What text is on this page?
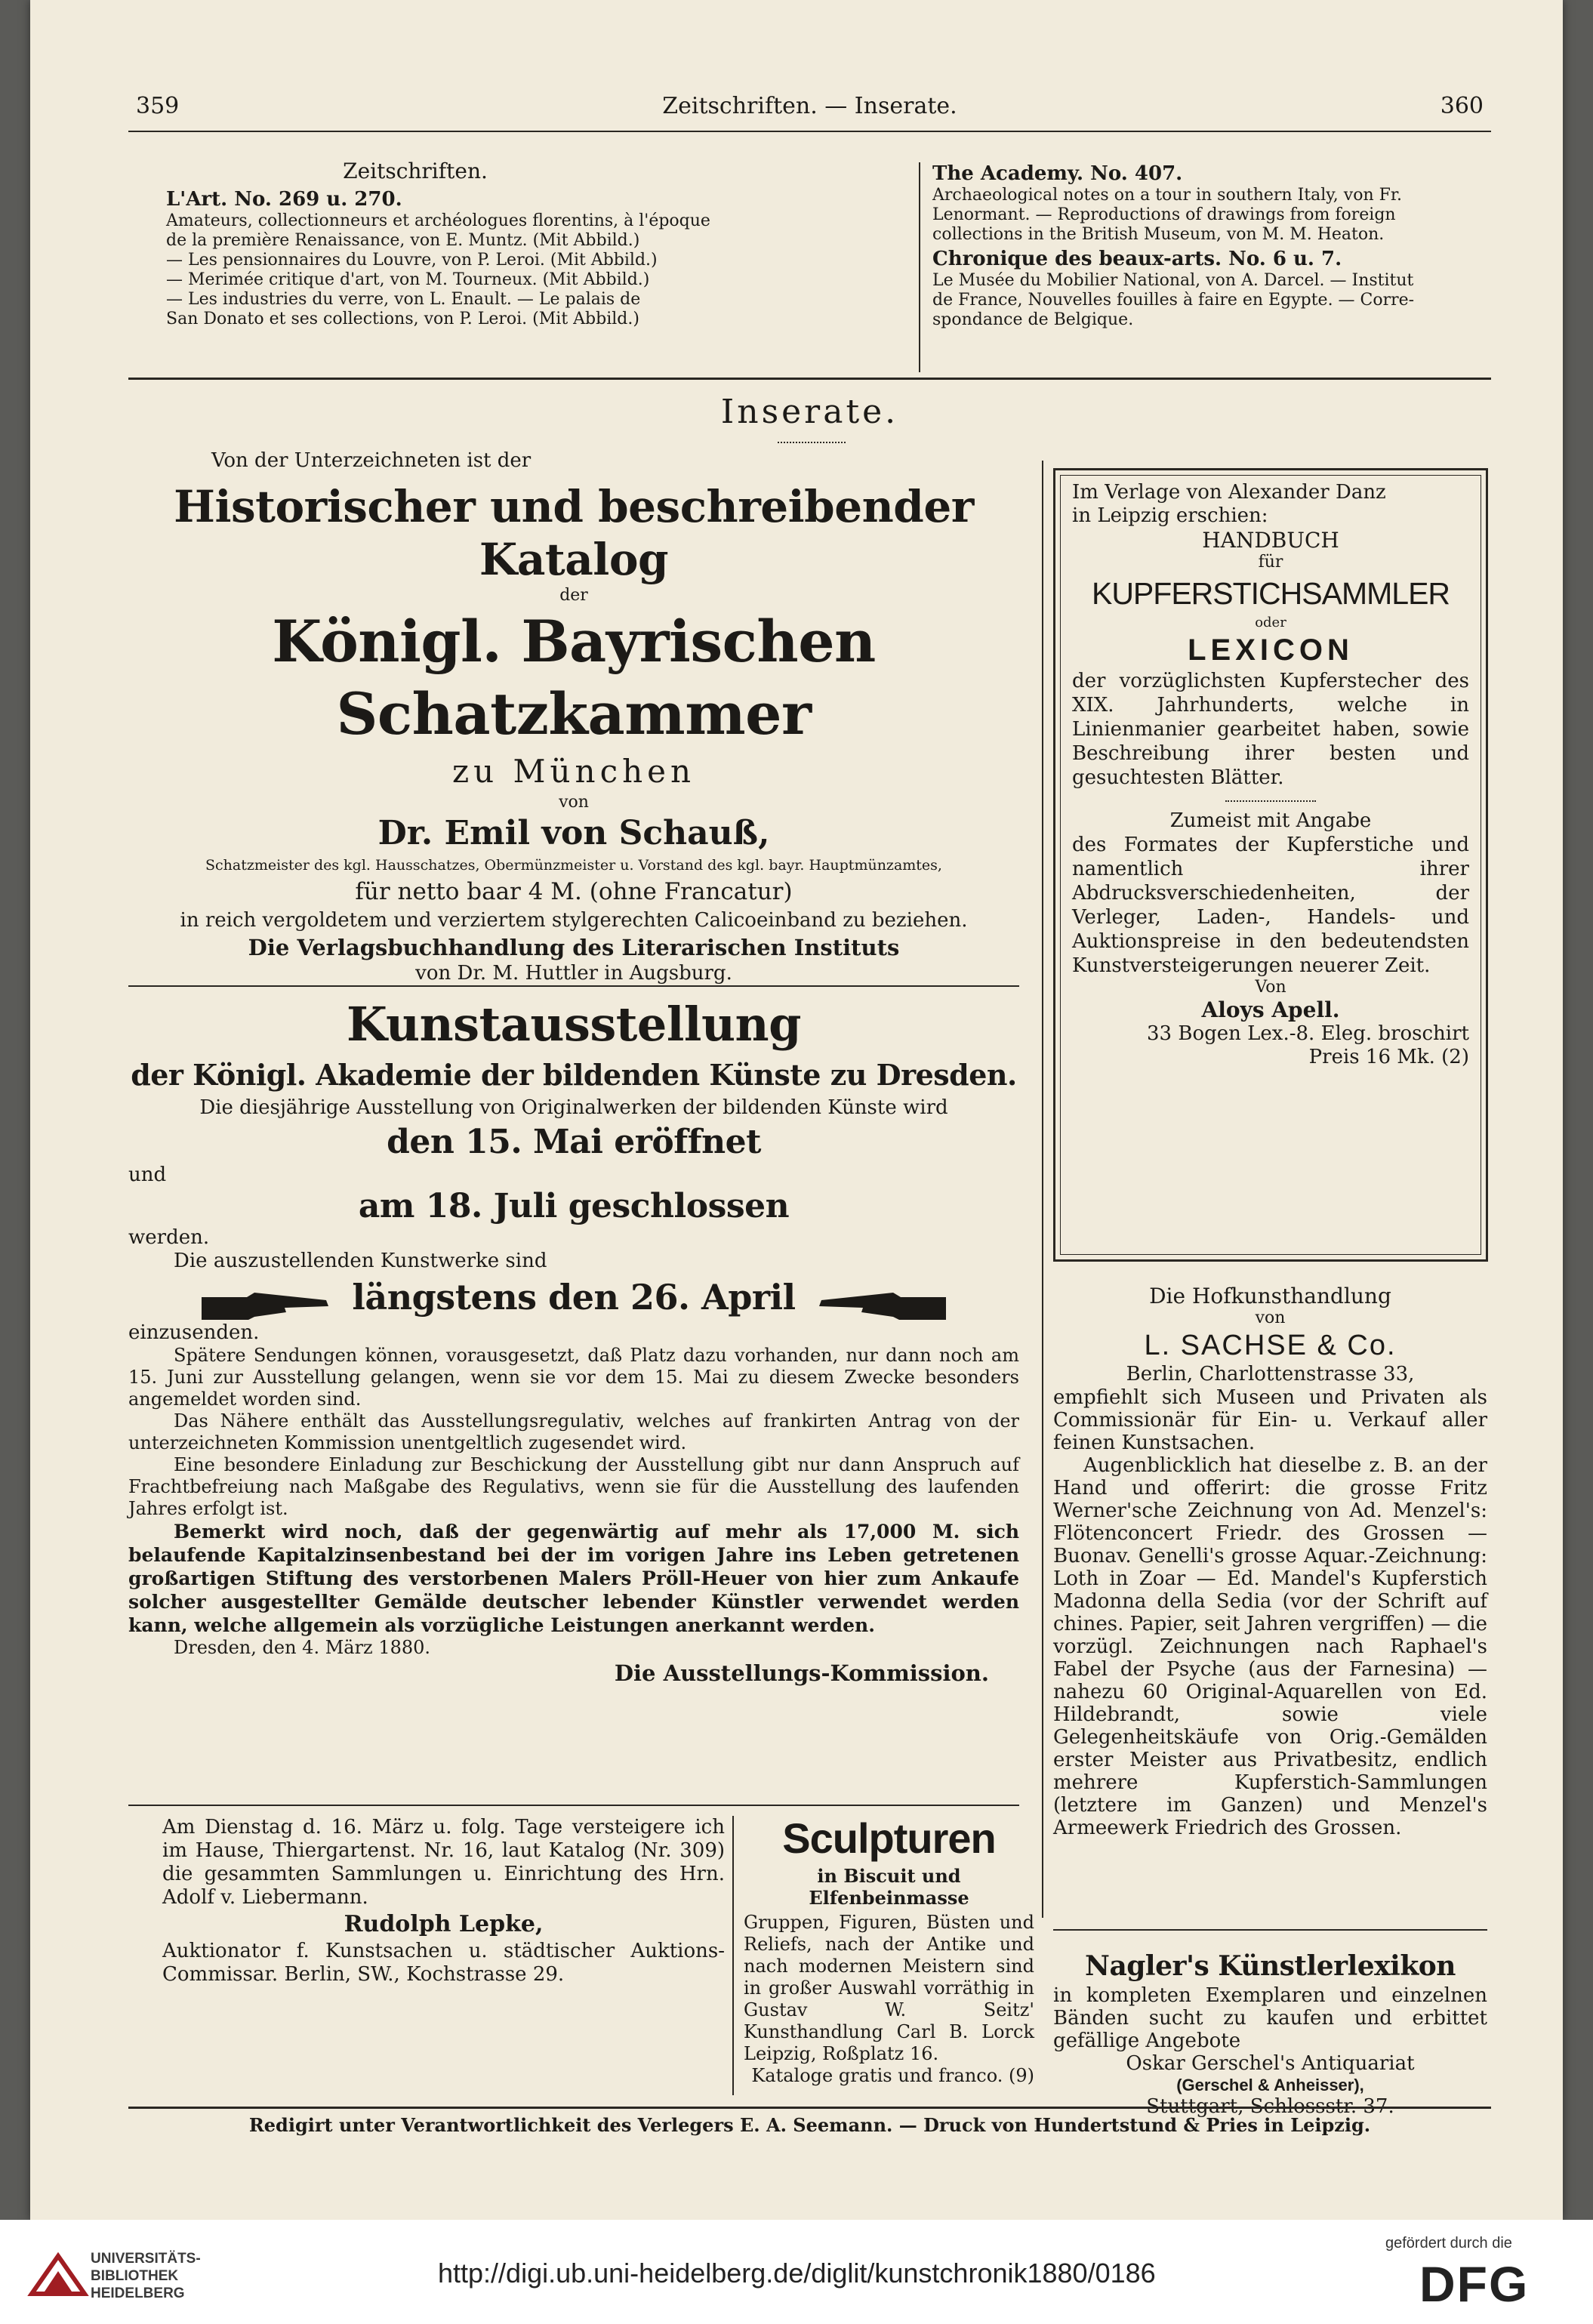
359	Zeitschriften. — Inserate.	360
Zeitschriften.
L'Art. No. 269 u. 270.
Amateurs, collectionneurs et archéologues florentins, à l'époque
de la première Renaissance, von E. Muntz. (Mit Abbild.)
— Les pensionnaires du Louvre, von P. Leroi. (Mit Abbild.)
— Merimée critique d'art, von M. Tourneux. (Mit Abbild.)
— Les industries du verre, von L. Enault. — Le palais de
San Donato et ses collections, von P. Leroi. (Mit Abbild.)
The Academy. No. 407.
Archaeological notes on a tour in southern Italy, von Fr.
Lenormant. — Reproductions of drawings from foreign
collections in the British Museum, von M. M. Heaton.
Chronique des beaux-arts. No. 6 u. 7.
Le Musée du Mobilier National, von A. Darcel. — Institut
de France, Nouvelles fouilles à faire en Egypte. — Corre-
spondance de Belgique.
Inserate.
Von der Unterzeichneten ist der
Historischer und beschreibender Katalog
der
Königl. Bayrischen Schatzkammer
zu München
von
Dr. Emil von Schauß,
Schatzmeister des kgl. Hausschatzes, Obermünzmeister u. Vorstand des kgl. bayr. Hauptmünzamtes,
für netto baar 4 M. (ohne Francatur)
in reich vergoldetem und verziertem stylgerechten Calicoeinband zu beziehen.
Die Verlagsbuchhandlung des Literarischen Instituts
von Dr. M. Huttler in Augsburg.
Kunstausstellung
der Königl. Akademie der bildenden Künste zu Dresden.
Die diesjährige Ausstellung von Originalwerken der bildenden Künste wird
den 15. Mai eröffnet
und
am 18. Juli geschlossen
werden.
Die auszustellenden Kunstwerke sind
längstens den 26. April
einzusenden.
Spätere Sendungen können, vorausgesetzt, daß Platz dazu vorhanden, nur dann noch am 15. Juni zur Ausstellung gelangen, wenn sie vor dem 15. Mai zu diesem Zwecke besonders angemeldet worden sind.
Das Nähere enthält das Ausstellungsregulativ, welches auf frankirten Antrag von der unterzeichneten Kommission unentgeltlich zugesendet wird.
Eine besondere Einladung zur Beschickung der Ausstellung gibt nur dann Anspruch auf Frachtbefreiung nach Maßgabe des Regulativs, wenn sie für die Ausstellung des laufenden Jahres erfolgt ist.
Bemerkt wird noch, daß der gegenwärtig auf mehr als 17,000 M. sich belaufende Kapitalzinsenbestand bei der im vorigen Jahre ins Leben getretenen großartigen Stiftung des verstorbenen Malers Pröll-Heuer von hier zum Ankaufe solcher ausgestellter Gemälde deutscher lebender Künstler verwendet werden kann, welche allgemein als vorzügliche Leistungen anerkannt werden.
Dresden, den 4. März 1880.
Die Ausstellungs-Kommission.
Im Verlage von Alexander Danz
in Leipzig erschien:
HANDBUCH
für
KUPFERSTICHSAMMLER
oder
LEXICON
der vorzüglichsten Kupferstecher des XIX. Jahrhunderts, welche in Linienmanier gearbeitet haben, sowie Beschreibung ihrer besten und gesuchtesten Blätter.
Zumeist mit Angabe
des Formates der Kupferstiche und namentlich ihrer Abdrucksverschiedenheiten, der Verleger, Laden-, Handels- und Auktionspreise in den bedeutendsten Kunstversteigerungen neuerer Zeit.
Von
Aloys Apell.
33 Bogen Lex.-8. Eleg. broschirt
Preis 16 Mk. (2)
Die Hofkunsthandlung
von
L. SACHSE & Co.
Berlin, Charlottenstrasse 33,
empfiehlt sich Museen und Privaten als Commissionär für Ein- u. Verkauf aller feinen Kunstsachen.
Augenblicklich hat dieselbe z. B. an der Hand und offerirt: die grosse Fritz Werner'sche Zeichnung von Ad. Menzel's: Flötenconcert Friedr. des Grossen — Buonav. Genelli's grosse Aquar.-Zeichnung: Loth in Zoar — Ed. Mandel's Kupferstich Madonna della Sedia (vor der Schrift auf chines. Papier, seit Jahren vergriffen) — die vorzügl. Zeichnungen nach Raphael's Fabel der Psyche (aus der Farnesina) — nahezu 60 Original-Aquarellen von Ed. Hildebrandt, sowie viele Gelegenheitskäufe von Orig.-Gemälden erster Meister aus Privatbesitz, endlich mehrere Kupferstich-Sammlungen (letztere im Ganzen) und Menzel's Armeewerk Friedrich des Grossen.
Nagler's Künstlerlexikon
in kompleten Exemplaren und einzelnen Bänden sucht zu kaufen und erbittet gefällige Angebote
Oskar Gerschel's Antiquariat
(Gerschel & Anheisser),
Stuttgart, Schlossstr. 37.
Am Dienstag d. 16. März u. folg. Tage versteigere ich im Hause, Thiergartenst. Nr. 16, laut Katalog (Nr. 309) die gesammten Sammlungen u. Einrichtung des Hrn. Adolf v. Liebermann.
Rudolph Lepke,
Auktionator f. Kunstsachen u. städtischer Auktions-Commissar. Berlin, SW., Kochstrasse 29.
Sculpturen
in Biscuit und Elfenbeinmasse
Gruppen, Figuren, Büsten und Reliefs, nach der Antike und nach modernen Meistern sind in großer Auswahl vorräthig in Gustav W. Seitz' Kunsthandlung Carl B. Lorck Leipzig, Roßplatz 16.
Kataloge gratis und franco. (9)
Redigirt unter Verantwortlichkeit des Verlegers E. A. Seemann. — Druck von Hundertstund & Pries in Leipzig.
UNIVERSITÄTS-
BIBLIOTHEK
HEIDELBERG
http://digi.ub.uni-heidelberg.de/diglit/kunstchronik1880/0186
gefördert durch die
DFG
